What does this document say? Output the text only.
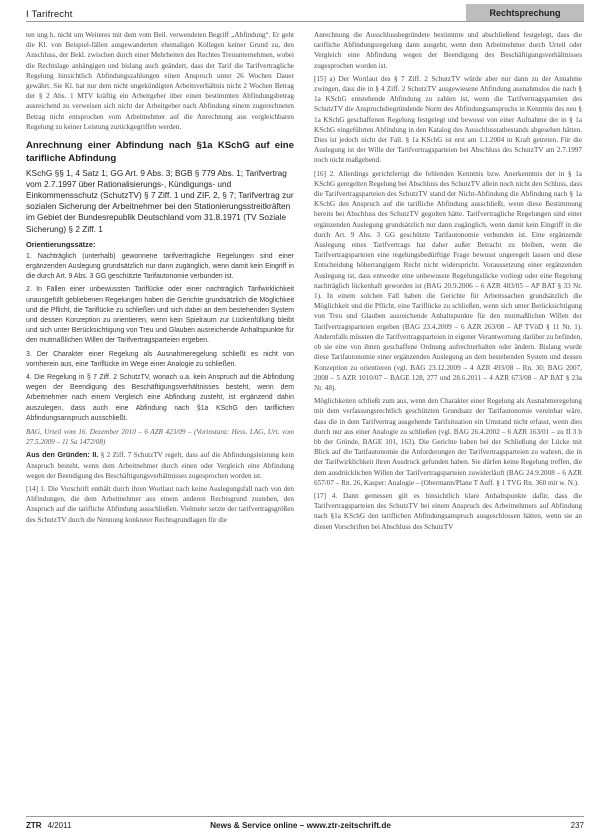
I Tarifrecht	Rechtsprechung

ten ung h. nicht um Weiteres mit dem vom Beil. verwendeten Begriff „Abfindung“. Er geht die Kl. von Beispiel-fällen ausgewanderten ehemaligen Kollegen keiner Grund zu, den Anschluss, der Bekl. zwischen durch einer Mehrheiten des Rechtes Treuunternehmen, wobei die Rechtslage anhängigen und bislang auch geändert, dass der Tarif die Tarifvertragliche Regelung hinsichtlich Abfindungszahlungen einen Anspruch unter 26 Wochen Dauer gewährt. Sie Kl. hat nur dem nicht ungekündigten Arbeitsverhältnis nicht 2 Wochen Betrag der § 2 Abs. 1 MTV kräftig ein Arbeitgeber über einen bestimmten Abfindungsbetrag ausreichend zu verweisen sich nicht der Arbeitgeber nach Abfindung einem zugerechneten Betrag nicht entsprochen vom Arbeitnehmer auf die Anrechnung aus vergleichbaren Regelung zu keiner Leistung zurückgegriffen werden.

Anrechnung einer Abfindung nach §1a KSchG auf eine tarifliche Abfindung
KSchG §§ 1, 4 Satz 1; GG Art. 9 Abs. 3; BGB § 779 Abs. 1; Tarifvertrag vom 2.7.1997 über Rationalisierungs-, Kündigungs- und Einkommensschutz (SchutzTV) § 7 Ziff. 1 und ZIF. 2, § 7; Tarifvertrag zur sozialen Sicherung der Arbeitnehmer bei den Stationierungsstreitkräften im Gebiet der Bundesrepublik Deutschland vom 31.8.1971 (TV Soziale Sicherung) § 2 Ziff. 1
Orientierungssätze:

1. Nachträglich (unterhalb) gewonnene tarifvertragliche Regelungen sind einer ergänzenden Auslegung grundsätzlich nur dann zugänglich, wenn damit kein Eingriff in die durch Art. 9 Abs. 3 GG geschützte Tarifautonomie verbunden ist.

2. In Fällen einer unbewussten Tariflücke oder einer nachträglich Tarifwirklichkeit unausgefüllt gebliebenen Regelungen haben die Gerichte grundsätzlich die Möglichkeit und die Pflicht, die Tariflücke zu schließen und sich dabei an dem bestehenden System und dessen Konzeption zu orientieren, wenn kein Spielraum zur Lückenfüllung bleibt und sich unter Berücksichtigung von Treu und Glauben ausreichende Anhaltspunkte für den mutmaßlichen Willen der Tarifvertragsparteien ergeben.

3. Der Charakter einer Regelung als Ausnahmeregelung schließt es nicht von vornherein aus, eine Tariflücke im Wege einer Analogie zu schließen.

4. Die Regelung in § 7 Ziff. 2 SchutzTV, wonach u.a. kein Anspruch auf die Abfindung wegen der Beendigung des Beschäftigungsverhältnisses besteht, wenn dem Arbeitnehmer nach einem Vergleich eine Abfindung zusteht, ist ergänzend dahin auszulegen, dass auch eine Abfindung nach §1a KSchG den tariflichen Abfindungsanspruch ausschließt.

BAG, Urteil vom 16. Dezember 2010 – 6 AZR 423/09 – (Vorinstanz: Hess. LAG, Urt. vom 27.5.2009 – 11 Sa 1472/08)

Aus den Gründen: II. § 2 Ziff. 7 SchutzTV regelt, dass auf die Abfindungsleistung kein Anspruch besteht, wenn dem Arbeitnehmer durch einen oder Vergleich eine Abfindung wegen der Beendigung des Beschäftigungsverhältnisses zugesprochen worden ist.

[14] 1. Die Vorschrift enthält durch ihren Wortlaut nach keine Auslegungsfall nach von den Abfindungen, die dem Arbeitnehmer aus einem anderen Rechtsgrund zustehen, den Anspruch auf die tarifliche Abfindung ausschließen. Vielmehr setzte der tarifvertragsgrößen des SchutzTV durch die Nennung konkreter Rechtsgrundlagen für die

Anrechnung die Ausschlussbegründete bestimmte und abschließend festgelegt, dass die tarifliche Abfindungsregelung dann ausgeht, wenn dem Arbeitnehmer durch Urteil oder Vergleich eine Abfindung wegen der Beendigung des Beschäftigungsverhältnisses zugesprochen worden ist.

[15] a) Der Wortlaut des § 7 Ziff. 2 SchutzTV würde aber nur dann zu der Annahme zwingen, dass die in § 4 Ziff. 2 SchutzTV ausgewiesene Abfindung ausnahmslos die nach § 1a KSchG entstehende Abfindung zu zahlen ist, wenn die Tarifvertragsparteien des SchutzTV die Anspruchsbegründende Norm des Abfindungsanspruchs in Kenntnis des neu § 1a KSchG geschaffenen Regelung festgelegt und bewusst von einer Aufnahme der in § 1a KSchG eingeführten Abfindung in den Katalog des Ausschlusstatbestands abgesehen hätten. Dies ist jedoch nicht der Fall. § 1a KSchG ist erst am 1.1.2004 in Kraft getreten. Für die Auslegung ist der Wille der Tarifvertragsparteien bei Abschluss des SchutzTV am 2.7.1997 noch nicht maßgebend.

[16] 2. Allerdings gerichtfertigt die fehlenden Kenntnis bzw. Anerkenntnis der in § 1a KSchG geregelten Regelung bei Abschluss des SchutzTV allein noch nicht den Schluss, dass die Tarifvertragsparteien des SchutzTV stand der Nicht-Abfindung die Abfindung nach § 1a KSchG den Anspruch auf die tarifliche Abfindung ausschließt, wenn diese Bestimmung bereits bei Abschluss des SchutzTV gegolten hätte. Tarifvertragliche Regelungen sind einer ergänzenden Auslegung grundsätzlich nur dann zugänglich, wenn damit kein Eingriff in die durch Art. 9 Abs. 3 GG geschützte Tarifautonomie verbunden ist. Eine ergänzende Auslegung eines Tarifvertrags hat daher außer Betracht zu bleiben, wenn die Tarifvertragsparteien eine regelungsbedürftige Frage bewusst ungeregelt lassen und diese Entscheidung höherrangigem Recht nicht widerspricht. Voraussetzung einer ergänzenden Auslegung ist, dass entweder eine unbewusste Regelungslücke vorliegt oder eine Regelung nachträglich lückenhaft geworden ist (BAG 20.9.2006 – 6 AZR 483/05 – AP BAT § 33 Nr. 1). In einem solchen Fall haben die Gerichte für Arbeitssachen grundsätzlich die Möglichkeit und die Pflicht, eine Tariflücke zu schließen, wenn sich unter Berücksichtigung von Treu und Glauben ausreichende Anhaltspunkte für den mutmaßlichen Willen der Tarifvertragsparteien ergeben (BAG 23.4.2009 – 6 AZR 263/08 – AP TVöD § 11 Nr. 1). Andernfalls müssten die Tarifvertragsparteien in eigener Verantwortung darüber zu befinden, ob sie eine von ihnen geschaffene Ordnung aufrechterhalten oder ändern. Bislang wurde diese Tarifautonomie einer ergänzenden Auslegung an dem bestehenden System und dessen Konzeption zu orientieren (vgl. BAG 23.12.2009 – 4 AZR 493/08 – Rn. 30; BAG 2007, 2008 – 5 AZR 1010/07 – BAGE 128, 277 und 28.6.2011 – 4 AZR 673/08 – AP BAT § 23a Nr. 48).

Möglichkeiten schließt zum aus, wenn den Charakter einer Regelung als Ausnahmeregelung mit dem verfassungsrechtlich geschützten Grundsatz der Tarifautonomie vereinbar wäre, dass die in dem Tarifvertrag ausgehende Tarifsituation ein Umstand nicht erfasst, wenn dies durch nur aus einer Analogie zu schließen (vgl. BAG 26.4.2002 – 6 AZR 163/01 – zu II 3 b bb der Gründe, BAGE 101, 163). Die Gerichte haben bei der Schließung der Lücke mit Blick auf die Tarifautonomie die Anforderungen der Tarifvertragsparteien zu wahren, die in der Tarifwirklichkeit ihren Ausdruck gefunden haben. Sie dürfen keine Regelung treffen, die dem ausdrücklichen Willen der Tarifvertragsparteien zuwiderläuft (BAG 24.9.2008 – 6 AZR 657/07 – Rn. 26, Kasper: Analogie – (Obermann/Plane T Auff. § 1 TVG Rn. 360 mit w. N.).

[17] 4. Dann gemessen gilt es hinsichtlich klare Anhaltspunkte dafür, dass die Tarifvertragsparteien des SchutzTV bei einem Anspruch des Arbeitnehmers auf Abfindung nach §1a KSchG den tariflichen Abfindungsanspruch ausgeschlossen hätten, wenn sie an diesen Vorschriften bei Abschluss des SchutzTV

ZTR 4/2011	News & Service online – www.ztr-zeitschrift.de	237
